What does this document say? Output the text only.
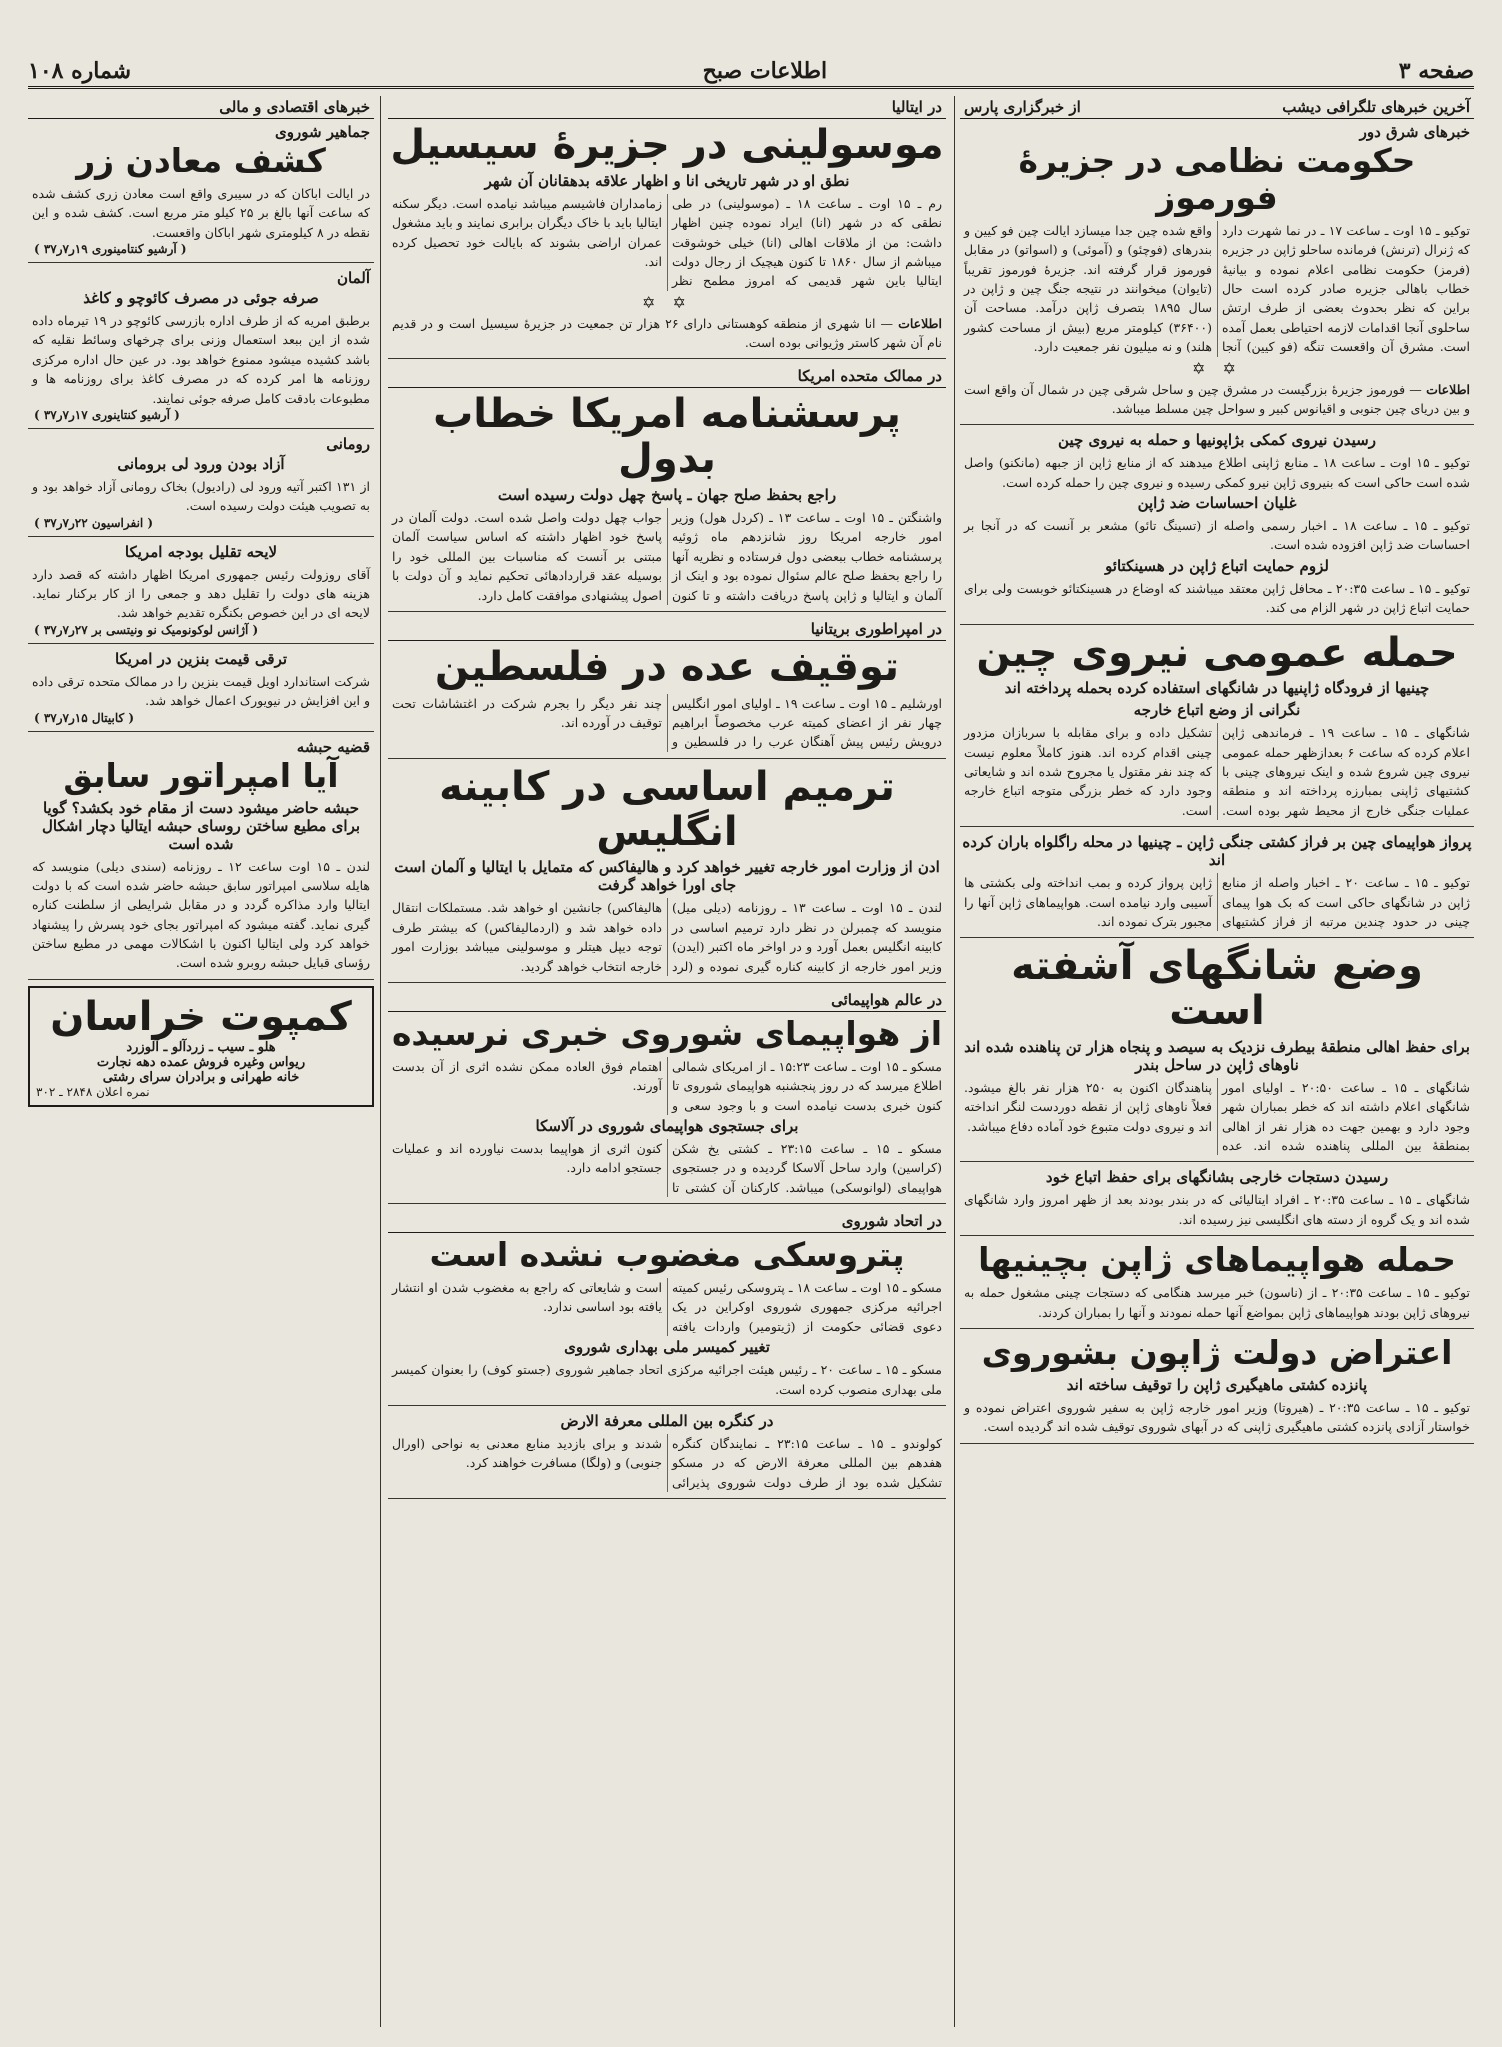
صفحه ۳
اطلاعات صبح
شماره ۱۰۸
آخرین خبرهای تلگرافی دیشب
از خبرگزاری پارس
خبرهای شرق دور
حکومت نظامی در جزیرهٔ فورموز
توکیو ـ ۱۵ اوت ـ ساعت ۱۷ ـ در نما شهرت دارد که ژنرال (ترنش) فرمانده ساحلو ژاپن در جزیره (فرمز) حکومت نظامی اعلام نموده و بیانیهٔ خطاب باهالی جزیره صادر کرده است حال براین که نظر بحدوث بعضی از طرف ارتش ساحلوی آنجا اقدامات لازمه احتیاطی بعمل آمده است. مشرق آن واقعست تنگه (فو کیین) آنجا واقع شده چین جدا میسازد ایالت چین فو کیین و بندرهای (فوچئو) و (آموئی) و (اسواتو) در مقابل فورموز قرار گرفته اند. جزیرهٔ فورموز تقریباً (تایوان) میخوانند در نتیجه جنگ چین و ژاپن در سال ۱۸۹۵ بتصرف ژاپن درآمد. مساحت آن (۳۶۴۰۰) کیلومتر مربع (بیش از مساحت کشور هلند) و نه میلیون نفر جمعیت دارد.
✡ ✡
اطلاعات — فورموز جزیرهٔ بزرگیست در مشرق چین و ساحل شرقی چین در شمال آن واقع است و بین دریای چین جنوبی و اقیانوس کبیر و سواحل چین مسلط میباشد.
رسیدن نیروی کمکی بژاپونیها و حمله به نیروی چین
توکیو ـ ۱۵ اوت ـ ساعت ۱۸ ـ منابع ژاپنی اطلاع میدهند که از منابع ژاپن از جبهه (مانکنو) واصل شده است حاکی است که بنیروی ژاپن نیرو کمکی رسیده و نیروی چین را حمله کرده است.
غلیان احساسات ضد ژاپن
توکیو ـ ۱۵ ـ ساعت ۱۸ ـ اخبار رسمی واصله از (تسینگ تائو) مشعر بر آنست که در آنجا بر احساسات ضد ژاپن افزوده شده است.
لزوم حمایت اتباع ژاپن در هسینکتائو
توکیو ـ ۱۵ ـ ساعت ۲۰:۳۵ ـ محافل ژاپن معتقد میباشند که اوضاع در هسینکتائو خوبست ولی برای حمایت اتباع ژاپن در شهر الزام می کند.
حمله عمومی نیروی چین
چینیها از فرودگاه ژاپنیها در شانگهای استفاده کرده بحمله پرداخته اند
نگرانی از وضع اتباع خارجه
شانگهای ـ ۱۵ ـ ساعت ۱۹ ـ فرماندهی ژاپن اعلام کرده که ساعت ۶ بعدازظهر حمله عمومی نیروی چین شروع شده و اینک نیروهای چینی با کشتیهای ژاپنی بمبارزه پرداخته اند و منطقه عملیات جنگی خارج از محیط شهر بوده است. تشکیل داده و برای مقابله با سربازان مزدور چینی اقدام کرده اند. هنوز کاملاً معلوم نیست که چند نفر مقتول یا مجروح شده اند و شایعاتی وجود دارد که خطر بزرگی متوجه اتباع خارجه است.
پرواز هواپیمای چین بر فراز کشتی جنگی ژاپن ـ چینیها در محله راگلواه باران کرده اند
توکیو ـ ۱۵ ـ ساعت ۲۰ ـ اخبار واصله از منابع ژاپن در شانگهای حاکی است که بک هوا پیمای چینی در حدود چندین مرتبه از فراز کشتیهای ژاپن پرواز کرده و بمب انداخته ولی بکشتی ها آسیبی وارد نیامده است. هواپیماهای ژاپن آنها را مجبور بترک نموده اند.
وضع شانگهای آشفته است
برای حفظ اهالی منطقهٔ بیطرف نزدیک به سیصد و پنجاه هزار تن پناهنده شده اند ناوهای ژاپن در ساحل بندر
شانگهای ـ ۱۵ ـ ساعت ۲۰:۵۰ ـ اولیای امور شانگهای اعلام داشته اند که خطر بمباران شهر وجود دارد و بهمین جهت ده هزار نفر از اهالی بمنطقهٔ بین المللی پناهنده شده اند. عده پناهندگان اکنون به ۲۵۰ هزار نفر بالغ میشود. فعلاً ناوهای ژاپن از نقطه دوردست لنگر انداخته اند و نیروی دولت متبوع خود آماده دفاع میباشد.
رسیدن دستجات خارجی بشانگهای برای حفظ اتباع خود
شانگهای ـ ۱۵ ـ ساعت ۲۰:۳۵ ـ افراد ایتالیائی که در بندر بودند بعد از ظهر امروز وارد شانگهای شده اند و یک گروه از دسته های انگلیسی نیز رسیده اند.
حمله هواپیماهای ژاپن بچینیها
توکیو ـ ۱۵ ـ ساعت ۲۰:۳۵ ـ از (ناسون) خبر میرسد هنگامی که دستجات چینی مشغول حمله به نیروهای ژاپن بودند هواپیماهای ژاپن بمواضع آنها حمله نمودند و آنها را بمباران کردند.
اعتراض دولت ژاپون بشوروی
پانزده کشتی ماهیگیری ژاپن را توقیف ساخته اند
توکیو ـ ۱۵ ـ ساعت ۲۰:۳۵ ـ (هیروتا) وزیر امور خارجه ژاپن به سفیر شوروی اعتراض نموده و خواستار آزادی پانزده کشتی ماهیگیری ژاپنی که در آبهای شوروی توقیف شده اند گردیده است.
در ایتالیا
موسولینی در جزیرهٔ سیسیل
نطق او در شهر تاریخی انا و اظهار علاقه بدهقانان آن شهر
رم ـ ۱۵ اوت ـ ساعت ۱۸ ـ (موسولینی) در طی نطقی که در شهر (انا) ایراد نموده چنین اظهار داشت: من از ملاقات اهالی (انا) خیلی خوشوقت میباشم از سال ۱۸۶۰ تا کنون هیچیک از رجال دولت ایتالیا باین شهر قدیمی که امروز مطمح نظر زمامداران فاشیسم میباشد نیامده است. دیگر سکنه ایتالیا باید با خاک دیگران برابری نمایند و باید مشغول عمران اراضی بشوند که بایالت خود تحصیل کرده اند.
✡ ✡
اطلاعات — انا شهری از منطقه کوهستانی دارای ۲۶ هزار تن جمعیت در جزیرهٔ سیسیل است و در قدیم نام آن شهر کاستر وژیوانی بوده است.
در ممالک متحده امریکا
پرسشنامه امریکا خطاب بدول
راجع بحفظ صلح جهان ـ پاسخ چهل دولت رسیده است
واشنگتن ـ ۱۵ اوت ـ ساعت ۱۳ ـ (کردل هول) وزیر امور خارجه امریکا روز شانزدهم ماه ژوئیه پرسشنامه خطاب ببعضی دول فرستاده و نظریه آنها را راجع بحفظ صلح عالم سئوال نموده بود و اینک از آلمان و ایتالیا و ژاپن پاسخ دریافت داشته و تا کنون جواب چهل دولت واصل شده است. دولت آلمان در پاسخ خود اظهار داشته که اساس سیاست آلمان مبتنی بر آنست که مناسبات بین المللی خود را بوسیله عقد قراردادهائی تحکیم نماید و آن دولت با اصول پیشنهادی موافقت کامل دارد.
در امپراطوری بریتانیا
توقیف عده در فلسطین
اورشلیم ـ ۱۵ اوت ـ ساعت ۱۹ ـ اولیای امور انگلیس چهار نفر از اعضای کمیته عرب مخصوصاً ابراهیم درویش رئیس پیش آهنگان عرب را در فلسطین و چند نفر دیگر را بجرم شرکت در اغتشاشات تحت توقیف در آورده اند.
ترمیم اساسی در کابینه انگلیس
ادن از وزارت امور خارجه تغییر خواهد کرد و هالیفاکس که متمایل با ایتالیا و آلمان است جای اورا خواهد گرفت
لندن ـ ۱۵ اوت ـ ساعت ۱۳ ـ روزنامه (دیلی میل) منویسد که چمبرلن در نظر دارد ترمیم اساسی در کابینه انگلیس بعمل آورد و در اواخر ماه اکتبر (ایدن) وزیر امور خارجه از کابینه کناره گیری نموده و (لرد هالیفاکس) جانشین او خواهد شد. مستملکات انتقال داده خواهد شد و (اردمالیفاکس) که بیشتر طرف توجه دیپل هیتلر و موسولینی میباشد بوزارت امور خارجه انتخاب خواهد گردید.
در عالم هواپیمائی
از هواپیمای شوروی خبری نرسیده
مسکو ـ ۱۵ اوت ـ ساعت ۱۵:۲۳ ـ از امریکای شمالی اطلاع میرسد که در روز پنجشنبه هواپیمای شوروی تا کنون خبری بدست نیامده است و با وجود سعی و اهتمام فوق العاده ممکن نشده اثری از آن بدست آورند.
برای جستجوی هواپیمای شوروی در آلاسکا
مسکو ـ ۱۵ ـ ساعت ۲۳:۱۵ ـ کشتی یخ شکن (کراسین) وارد ساحل آلاسکا گردیده و در جستجوی هواپیمای (لوانوسکی) میباشد. کارکنان آن کشتی تا کنون اثری از هواپیما بدست نیاورده اند و عملیات جستجو ادامه دارد.
در اتحاد شوروی
پتروسکی مغضوب نشده است
مسکو ـ ۱۵ اوت ـ ساعت ۱۸ ـ پتروسکی رئیس کمیته اجرائیه مرکزی جمهوری شوروی اوکراین در یک دعوی قضائی حکومت از (ژیتومیر) واردات یافته است و شایعاتی که راجع به مغضوب شدن او انتشار یافته بود اساسی ندارد.
تغییر کمیسر ملی بهداری شوروی
مسکو ـ ۱۵ ـ ساعت ۲۰ ـ رئیس هیئت اجرائیه مرکزی اتحاد جماهیر شوروی (جستو کوف) را بعنوان کمیسر ملی بهداری منصوب کرده است.
در کنگره بین المللی معرفة الارض
کولوندو ـ ۱۵ ـ ساعت ۲۳:۱۵ ـ نمایندگان کنگره هفدهم بین المللی معرفة الارض که در مسکو تشکیل شده بود از طرف دولت شوروی پذیرائی شدند و برای بازدید منابع معدنی به نواحی (اورال جنوبی) و (ولگا) مسافرت خواهند کرد.
خبرهای اقتصادی و مالی
جماهیر شوروی
کشف معادن زر
در ایالت اباکان که در سیبری واقع است معادن زری کشف شده که ساعت آنها بالغ بر ۲۵ کیلو متر مربع است. کشف شده و این نقطه در ۸ کیلومتری شهر اباکان واقعست.
( آرشیو کنتامینوری ۱۹ر۷ر۳۷ )
آلمان
صرفه جوئی در مصرف کائوچو و کاغذ
برطبق امریه که از طرف اداره بازرسی کائوچو در ۱۹ تیرماه داده شده از این ببعد استعمال وزنی برای چرخهای وسائط نقلیه که باشد کشیده میشود ممنوع خواهد بود. در عین حال اداره مرکزی روزنامه ها امر کرده که در مصرف کاغذ برای روزنامه ها و مطبوعات بادقت کامل صرفه جوئی نمایند.
( آرشیو کنتاینوری ۱۷ر۷ر۳۷ )
رومانی
آزاد بودن ورود لی برومانی
از ۱۳۱ اکتبر آتیه ورود لی (رادیول) بخاک رومانی آزاد خواهد بود و به تصویب هیئت دولت رسیده است.
( انفراسیون ۲۲ر۷ر۳۷ )
لایحه تقلیل بودجه امریکا
آقای روزولت رئیس جمهوری امریکا اظهار داشته که قصد دارد هزینه های دولت را تقلیل دهد و جمعی را از کار برکنار نماید. لایحه ای در این خصوص بکنگره تقدیم خواهد شد.
( آژانس لوکونومیک نو ونیتسی بر ۲۷ر۷ر۳۷ )
ترقی قیمت بنزین در امریکا
شرکت استاندارد اویل قیمت بنزین را در ممالک متحده ترقی داده و این افزایش در نیویورک اعمال خواهد شد.
( کابیتال ۱۵ر۷ر۳۷ )
قضیه حبشه
آیا امپراتور سابق
حبشه حاضر میشود دست از مقام خود بکشد؟ گویا برای مطیع ساختن روسای حبشه ایتالیا دچار اشکال شده است
لندن ـ ۱۵ اوت ساعت ۱۲ ـ روزنامه (سندی دیلی) منویسد که هایله سلاسی امپراتور سابق حبشه حاضر شده است که با دولت ایتالیا وارد مذاکره گردد و در مقابل شرایطی از سلطنت کناره گیری نماید. گفته میشود که امپراتور بجای خود پسرش را پیشنهاد خواهد کرد ولی ایتالیا اکنون با اشکالات مهمی در مطیع ساختن رؤسای قبایل حبشه روبرو شده است.
کمپوت خراسان
هلو ـ سیب ـ زردآلو ـ آلوزرد
ریواس وغیره فروش عمده دهه نجارت
خانه طهرانی و برادران سرای رشتی
نمره اعلان ۲۸۴۸ ـ ۳۰۲
